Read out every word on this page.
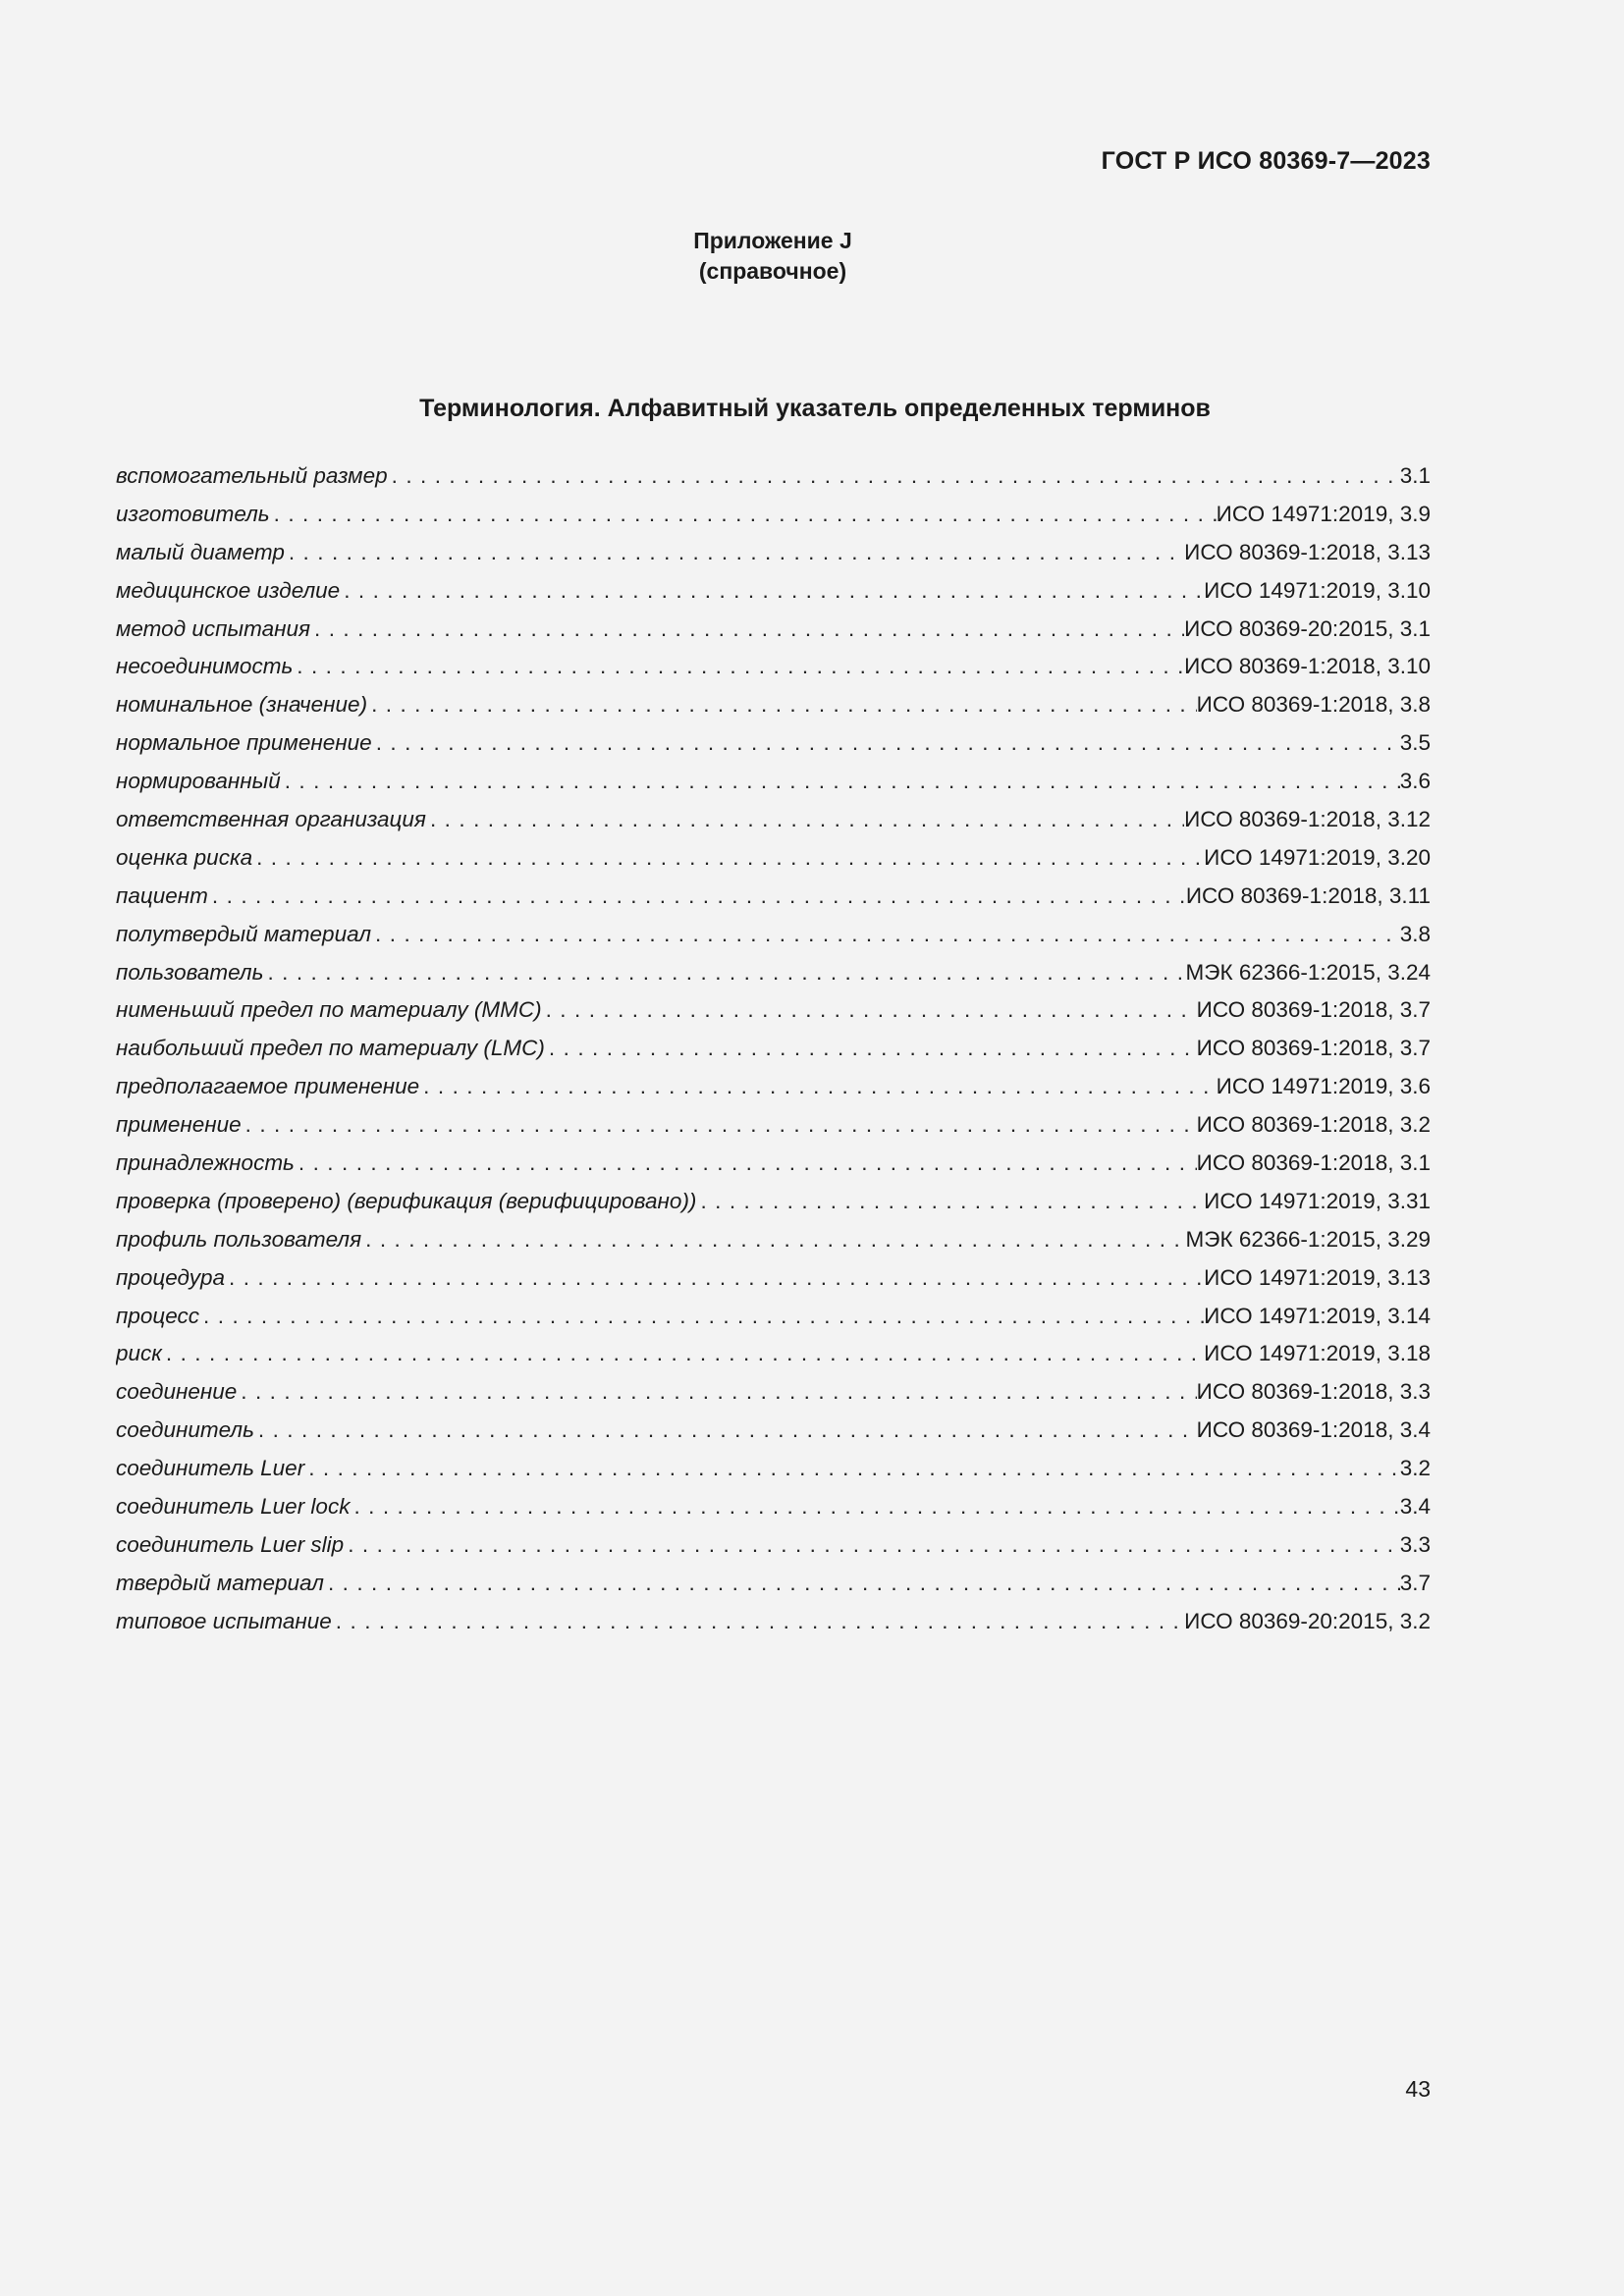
ГОСТ Р ИСО 80369-7—2023
Приложение J
(справочное)
Терминология. Алфавитный указатель определенных терминов
вспомогательный размер . . .	3.1
изготовитель . . .	ИСО 14971:2019, 3.9
малый диаметр . . .	ИСО 80369-1:2018, 3.13
медицинское изделие . . .	ИСО 14971:2019, 3.10
метод испытания . . .	ИСО 80369-20:2015, 3.1
несоединимость . . .	ИСО 80369-1:2018, 3.10
номинальное (значение) . . .	ИСО 80369-1:2018, 3.8
нормальное применение . . .	3.5
нормированный . . .	3.6
ответственная организация . . .	ИСО 80369-1:2018, 3.12
оценка риска . . .	ИСО 14971:2019, 3.20
пациент . . .	ИСО 80369-1:2018, 3.11
полутвердый материал . . .	3.8
пользователь . . .	МЭК 62366-1:2015, 3.24
нименьший предел по материалу (MMC) . . .	ИСО 80369-1:2018, 3.7
наибольший предел по материалу (LMC) . . .	ИСО 80369-1:2018, 3.7
предполагаемое применение . . .	ИСО 14971:2019, 3.6
применение . . .	ИСО 80369-1:2018, 3.2
принадлежность . . .	ИСО 80369-1:2018, 3.1
проверка (проверено) (верификация (верифицировано)) . . .	ИСО 14971:2019, 3.31
профиль пользователя . . .	МЭК 62366-1:2015, 3.29
процедура . . .	ИСО 14971:2019, 3.13
процесс . . .	ИСО 14971:2019, 3.14
риск . . .	ИСО 14971:2019, 3.18
соединение . . .	ИСО 80369-1:2018, 3.3
соединитель . . .	ИСО 80369-1:2018, 3.4
соединитель Luer . . .	3.2
соединитель Luer lock . . .	3.4
соединитель Luer slip . . .	3.3
твердый материал . . .	3.7
типовое испытание . . .	ИСО 80369-20:2015, 3.2
43
